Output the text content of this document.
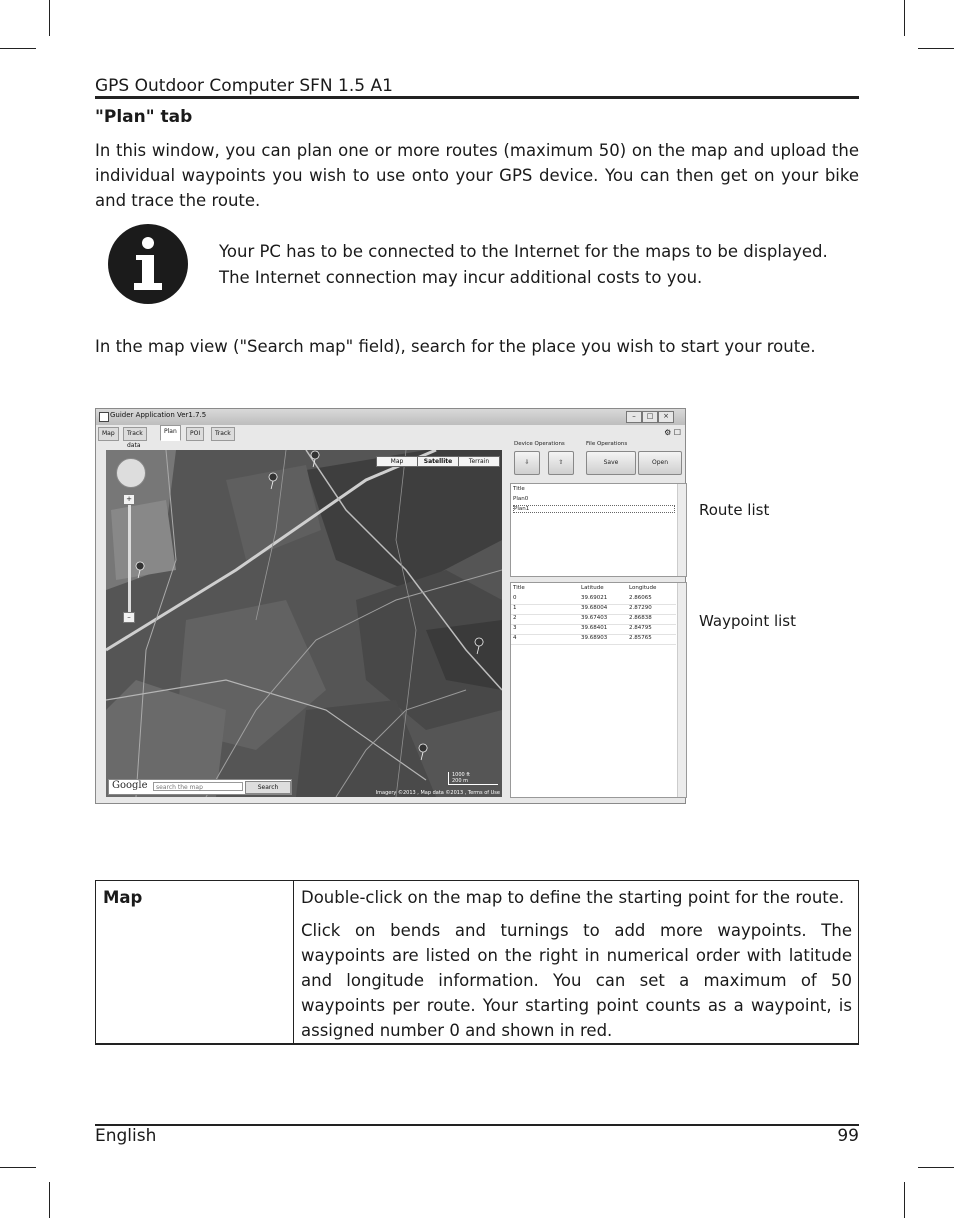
GPS Outdoor Computer SFN 1.5 A1
"Plan" tab
In this window, you can plan one or more routes (maximum 50) on the map and upload the individual waypoints you wish to use onto your GPS device. You can then get on your bike and trace the route.
Your PC has to be connected to the Internet for the maps to be displayed. The Internet connection may incur additional costs to you.
In the map view ("Search map" field), search for the place you wish to start your route.
Guider Application Ver1.7.5	–	□	×
Map	Track data
Plan	POI	Track	⚙ ☐
Map	Satellite	Terrain
+
–
1000 ft
200 m
Imagery ©2013 , Map data ©2013 , Terms of Use
Google	search the map	Search
Device Operations	File Operations
⇩	⇧	Save	Open
Title
Plan0
Plan1
Title	Latitude	Longitude
0	39.69021	2.86065
1	39.68004	2.87290
2	39.67403	2.86838
3	39.68401	2.84795
4	39.68903	2.85765
Route list
Waypoint list
Map	Double-click on the map to define the starting point for the route.
Click on bends and turnings to add more waypoints. The waypoints are listed on the right in numerical order with latitude and longitude information. You can set a maximum of 50 waypoints per route. Your starting point counts as a waypoint, is assigned number 0 and shown in red.
English	99
